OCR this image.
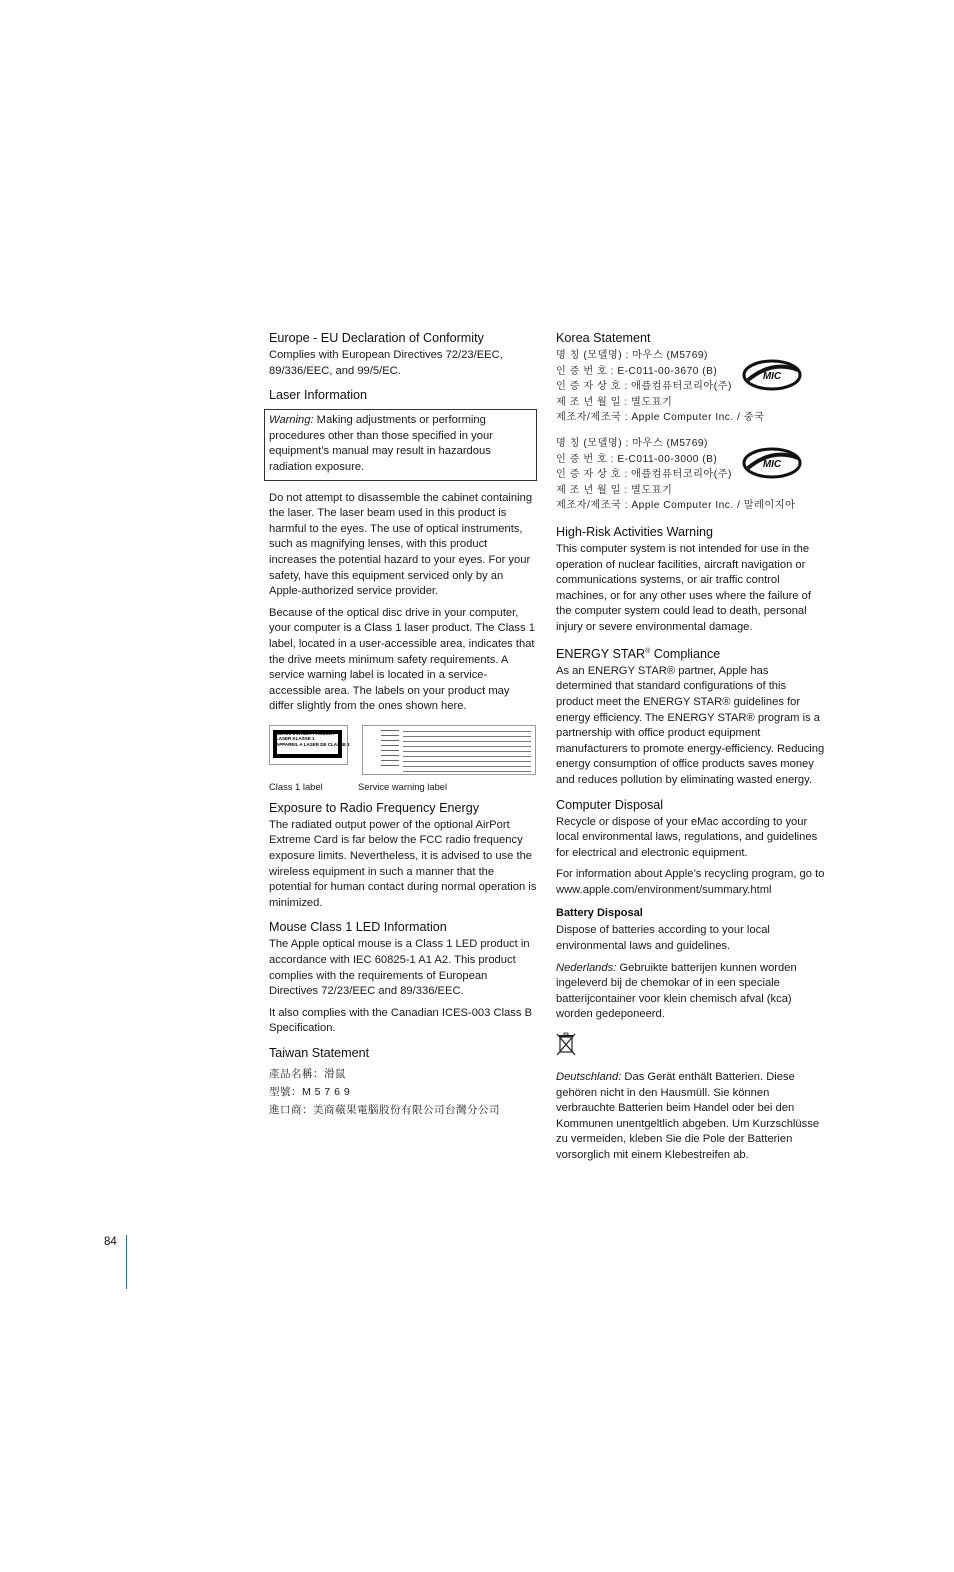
Europe - EU Declaration of Conformity

Complies with European Directives 72/23/EEC, 89/336/EEC, and 99/5/EC.

Laser Information
Warning: Making adjustments or performing procedures other than those specified in your equipment’s manual may result in hazardous radiation exposure.

Do not attempt to disassemble the cabinet containing the laser. The laser beam used in this product is harmful to the eyes. The use of optical instruments, such as magnifying lenses, with this product increases the potential hazard to your eyes. For your safety, have this equipment serviced only by an Apple-authorized service provider.

Because of the optical disc drive in your computer, your computer is a Class 1 laser product. The Class 1 label, located in a user-accessible area, indicates that the drive meets minimum safety requirements. A service warning label is located in a service-accessible area. The labels on your product may differ slightly from the ones shown here.

CLASS 1 LASER PRODUCT
LASER KLASSE 1
APPAREIL A LASER DE CLASSE 1
Class 1 label	Service warning label
Exposure to Radio Frequency Energy

The radiated output power of the optional AirPort Extreme Card is far below the FCC radio frequency exposure limits. Nevertheless, it is advised to use the wireless equipment in such a manner that the potential for human contact during normal operation is minimized.

Mouse Class 1 LED Information

The Apple optical mouse is a Class 1 LED product in accordance with IEC 60825-1 A1 A2. This product complies with the requirements of European Directives 72/23/EEC and 89/336/EEC.

It also complies with the Canadian ICES-003 Class B Specification.

Taiwan Statement

產品名稱：滑鼠

型號：M 5 7 6 9

進口商：美商蘋果電腦股份有限公司台灣分公司

Korea Statement
명 칭 (모델명) : 마우스 (M5769)
인 증 번 호 : E-C011-00-3670 (B)
인 증 자 상 호 : 애플컴퓨터코리아(주)
제 조 년 월 일 : 별도표기
제조자/제조국 : Apple Computer Inc. / 중국
MIC
명 칭 (모델명) : 마우스 (M5769)
인 증 번 호 : E-C011-00-3000 (B)
인 증 자 상 호 : 애플컴퓨터코리아(주)
제 조 년 월 일 : 별도표기
제조자/제조국 : Apple Computer Inc. / 말레이지아
MIC
High-Risk Activities Warning

This computer system is not intended for use in the operation of nuclear facilities, aircraft navigation or communications systems, or air traffic control machines, or for any other uses where the failure of the computer system could lead to death, personal injury or severe environmental damage.

ENERGY STAR® Compliance

As an ENERGY STAR® partner, Apple has determined that standard configurations of this product meet the ENERGY STAR® guidelines for energy efficiency. The ENERGY STAR® program is a partnership with office product equipment manufacturers to promote energy-efficiency. Reducing energy consumption of office products saves money and reduces pollution by eliminating wasted energy.

Computer Disposal

Recycle or dispose of your eMac according to your local environmental laws, regulations, and guidelines for electrical and electronic equipment.

For information about Apple’s recycling program, go to www.apple.com/environment/summary.html

Battery Disposal

Dispose of batteries according to your local environmental laws and guidelines.

Nederlands: Gebruikte batterijen kunnen worden ingeleverd bij de chemokar of in een speciale batterijcontainer voor klein chemisch afval (kca) worden gedeponeerd.

Deutschland: Das Gerät enthält Batterien. Diese gehören nicht in den Hausmüll. Sie können verbrauchte Batterien beim Handel oder bei den Kommunen unentgeltlich abgeben. Um Kurzschlüsse zu vermeiden, kleben Sie die Pole der Batterien vorsorglich mit einem Klebestreifen ab.

84
